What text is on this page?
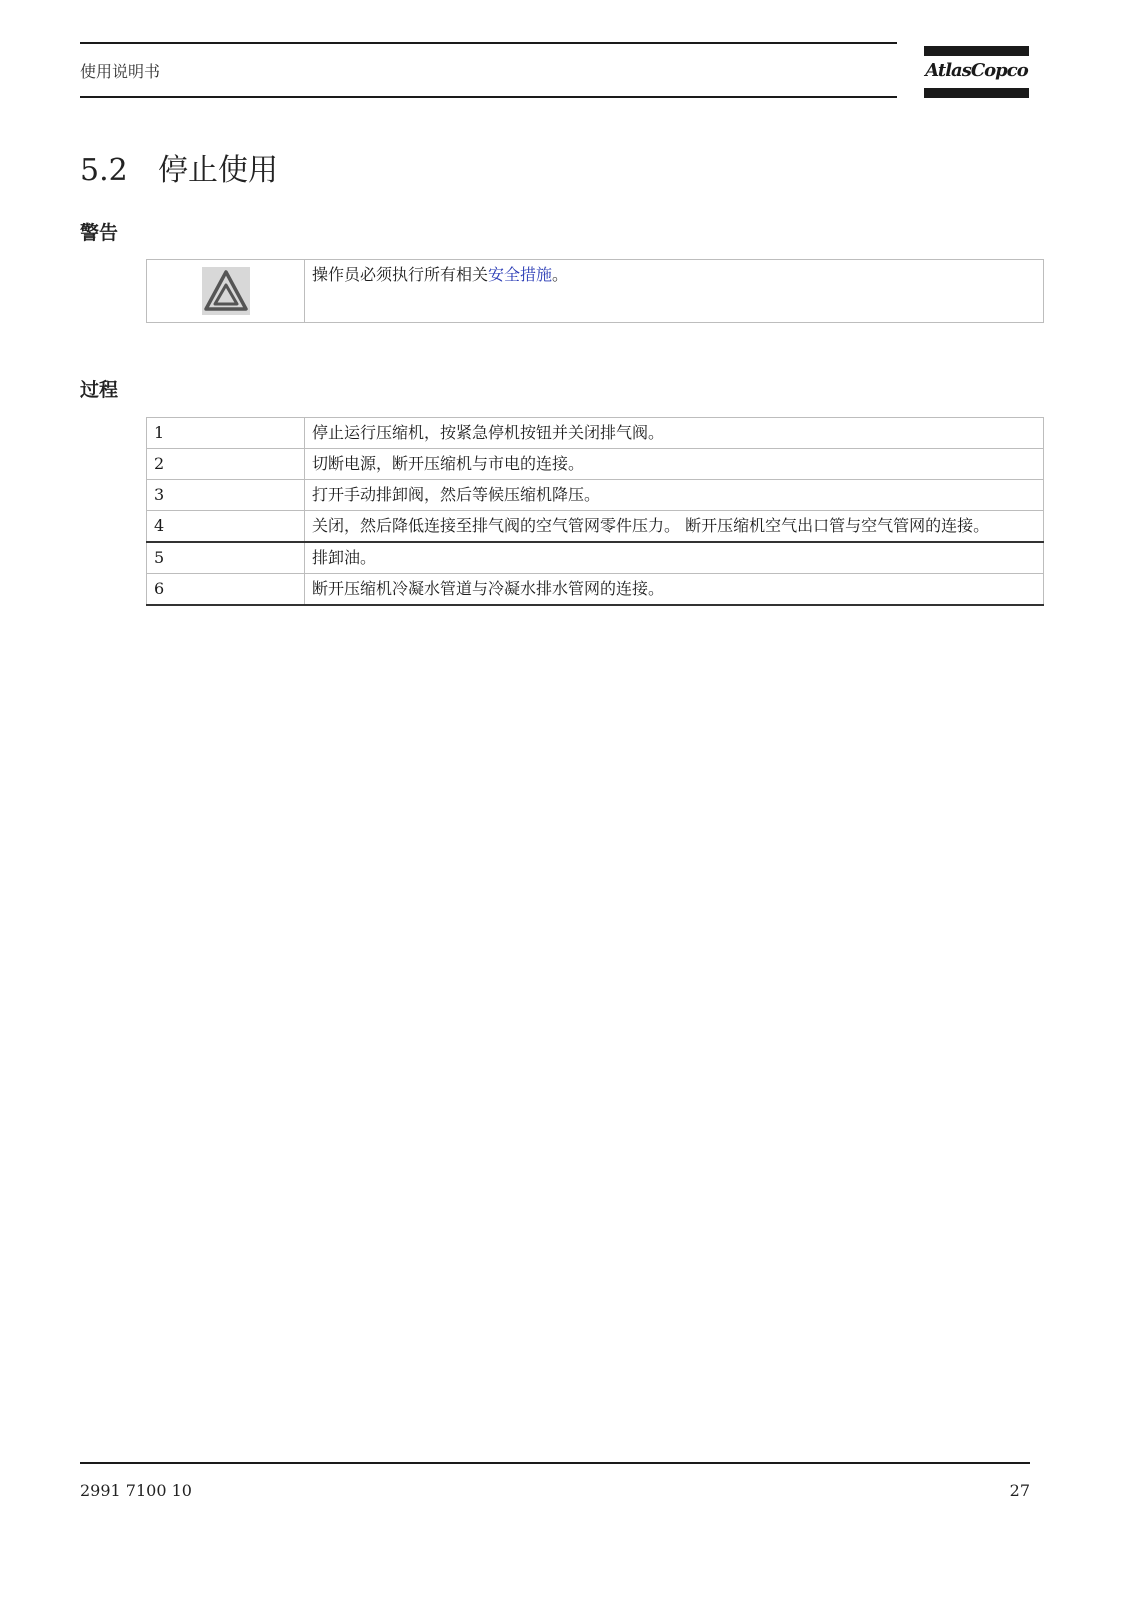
使用说明书	AtlasCopco
5.2 停止使用
警告
	操作员必须执行所有相关安全措施。
过程
1	停止运行压缩机，按紧急停机按钮并关闭排气阀。
2	切断电源，断开压缩机与市电的连接。
3	打开手动排卸阀，然后等候压缩机降压。
4	关闭，然后降低连接至排气阀的空气管网零件压力。 断开压缩机空气出口管与空气管网的连接。
5	排卸油。
6	断开压缩机冷凝水管道与冷凝水排水管网的连接。
2991 7100 10	27
